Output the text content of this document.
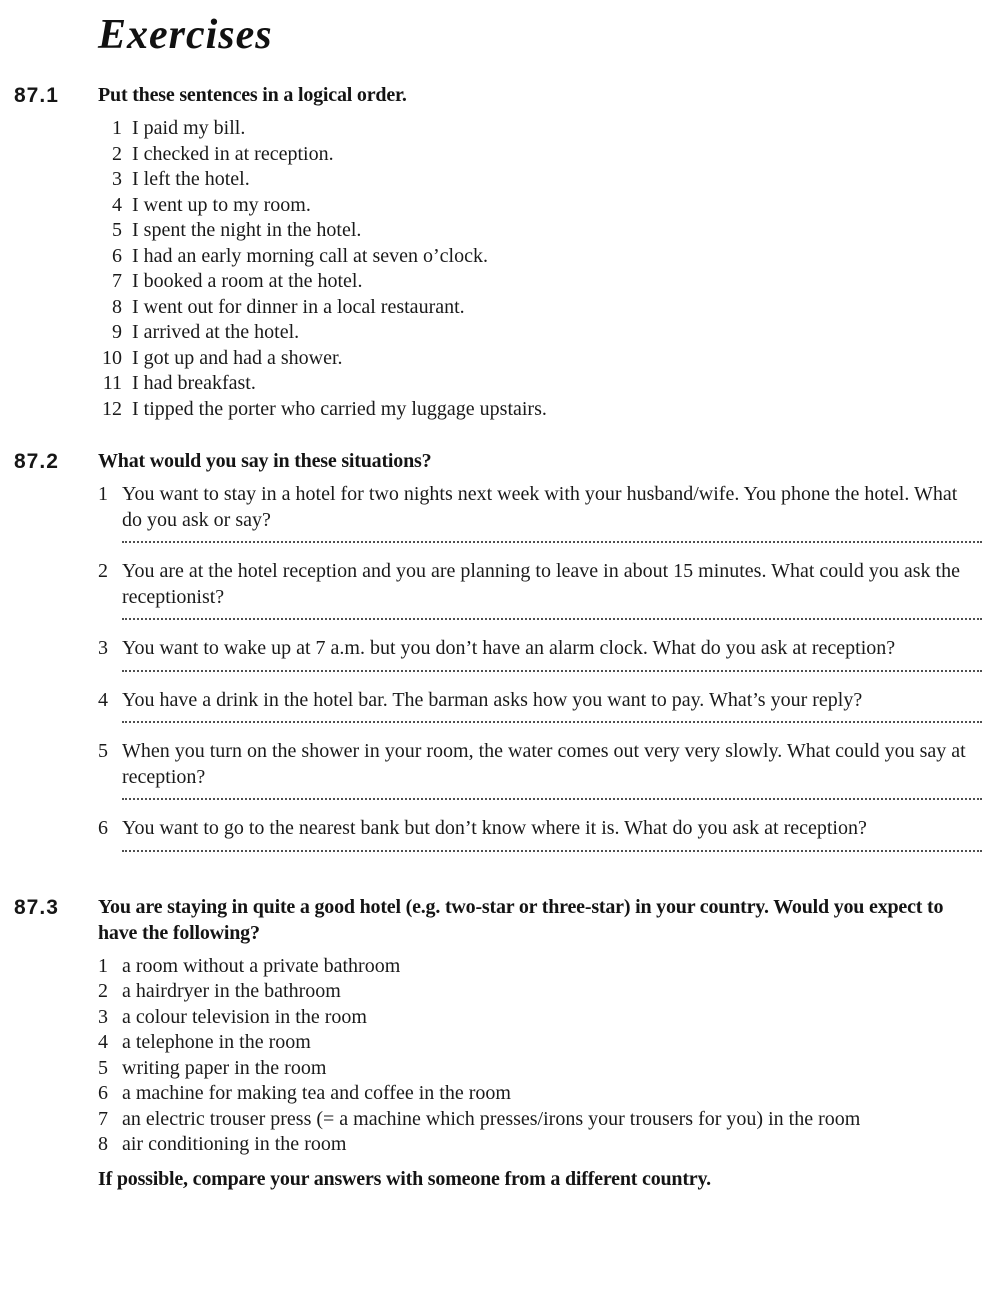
Exercises
87.1	Put these sentences in a logical order.
1 I paid my bill.
2 I checked in at reception.
3 I left the hotel.
4 I went up to my room.
5 I spent the night in the hotel.
6 I had an early morning call at seven o’clock.
7 I booked a room at the hotel.
8 I went out for dinner in a local restaurant.
9 I arrived at the hotel.
10 I got up and had a shower.
11 I had breakfast.
12 I tipped the porter who carried my luggage upstairs.
87.2	What would you say in these situations?
1 You want to stay in a hotel for two nights next week with your husband/wife. You phone the hotel. What do you ask or say?
2 You are at the hotel reception and you are planning to leave in about 15 minutes. What could you ask the receptionist?
3 You want to wake up at 7 a.m. but you don’t have an alarm clock. What do you ask at reception?
4 You have a drink in the hotel bar. The barman asks how you want to pay. What’s your reply?
5 When you turn on the shower in your room, the water comes out very very slowly. What could you say at reception?
6 You want to go to the nearest bank but don’t know where it is. What do you ask at reception?
87.3	You are staying in quite a good hotel (e.g. two-star or three-star) in your country. Would you expect to have the following?
1 a room without a private bathroom
2 a hairdryer in the bathroom
3 a colour television in the room
4 a telephone in the room
5 writing paper in the room
6 a machine for making tea and coffee in the room
7 an electric trouser press (= a machine which presses/irons your trousers for you) in the room
8 air conditioning in the room

If possible, compare your answers with someone from a different country.
